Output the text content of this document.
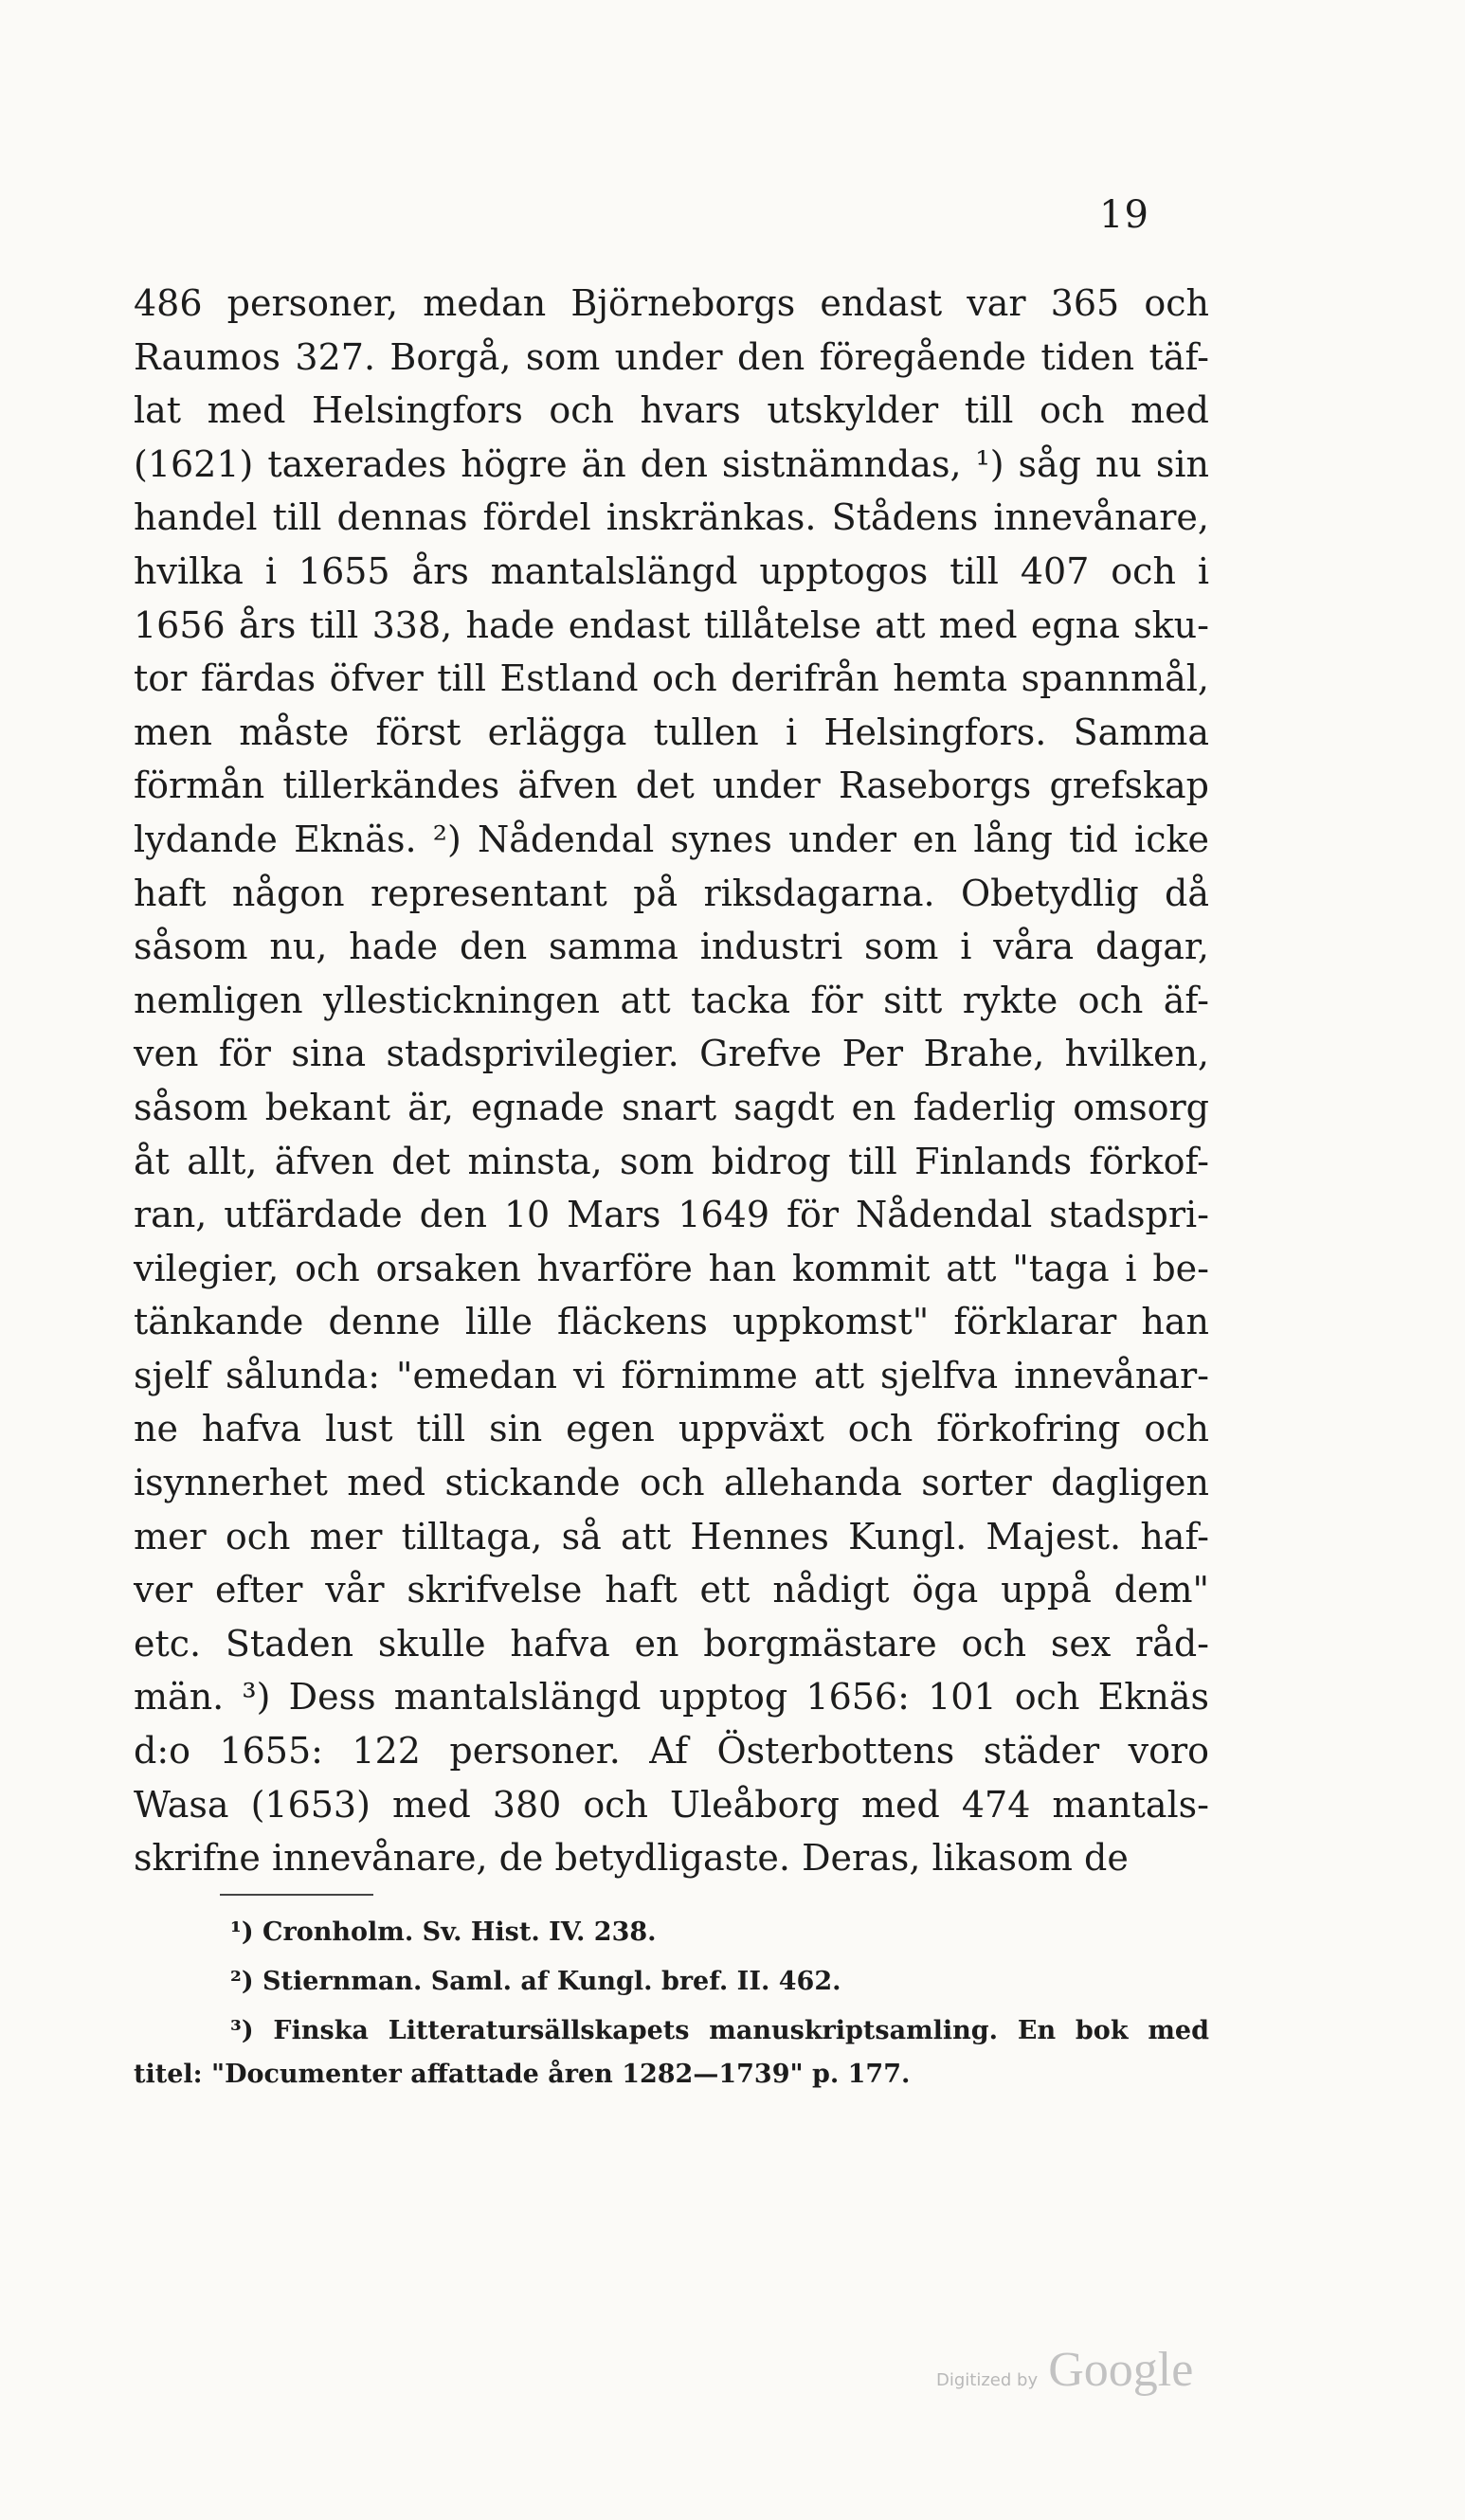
19
486 personer, medan Björneborgs endast var 365 och
Raumos 327. Borgå, som under den föregående tiden täf-
lat med Helsingfors och hvars utskylder till och med
(1621) taxerades högre än den sistnämndas, ¹) såg nu sin
handel till dennas fördel inskränkas. Stådens innevånare,
hvilka i 1655 års mantalslängd upptogos till 407 och i
1656 års till 338, hade endast tillåtelse att med egna sku-
tor färdas öfver till Estland och derifrån hemta spannmål,
men måste först erlägga tullen i Helsingfors. Samma
förmån tillerkändes äfven det under Raseborgs grefskap
lydande Eknäs. ²) Nådendal synes under en lång tid icke
haft någon representant på riksdagarna. Obetydlig då
såsom nu, hade den samma industri som i våra dagar,
nemligen yllestickningen att tacka för sitt rykte och äf-
ven för sina stadsprivilegier. Grefve Per Brahe, hvilken,
såsom bekant är, egnade snart sagdt en faderlig omsorg
åt allt, äfven det minsta, som bidrog till Finlands förkof-
ran, utfärdade den 10 Mars 1649 för Nådendal stadspri-
vilegier, och orsaken hvarföre han kommit att "taga i be-
tänkande denne lille fläckens uppkomst" förklarar han
sjelf sålunda: "emedan vi förnimme att sjelfva innevånar-
ne hafva lust till sin egen uppväxt och förkofring och
isynnerhet med stickande och allehanda sorter dagligen
mer och mer tilltaga, så att Hennes Kungl. Majest. haf-
ver efter vår skrifvelse haft ett nådigt öga uppå dem"
etc. Staden skulle hafva en borgmästare och sex råd-
män. ³) Dess mantalslängd upptog 1656: 101 och Eknäs
d:o 1655: 122 personer. Af Österbottens städer voro
Wasa (1653) med 380 och Uleåborg med 474 mantals-
skrifne innevånare, de betydligaste. Deras, likasom de
¹) Cronholm. Sv. Hist. IV. 238.
²) Stiernman. Saml. af Kungl. bref. II. 462.
³) Finska Litteratursällskapets manuskriptsamling. En bok med
titel: "Documenter affattade åren 1282—1739" p. 177.
Digitized by Google
